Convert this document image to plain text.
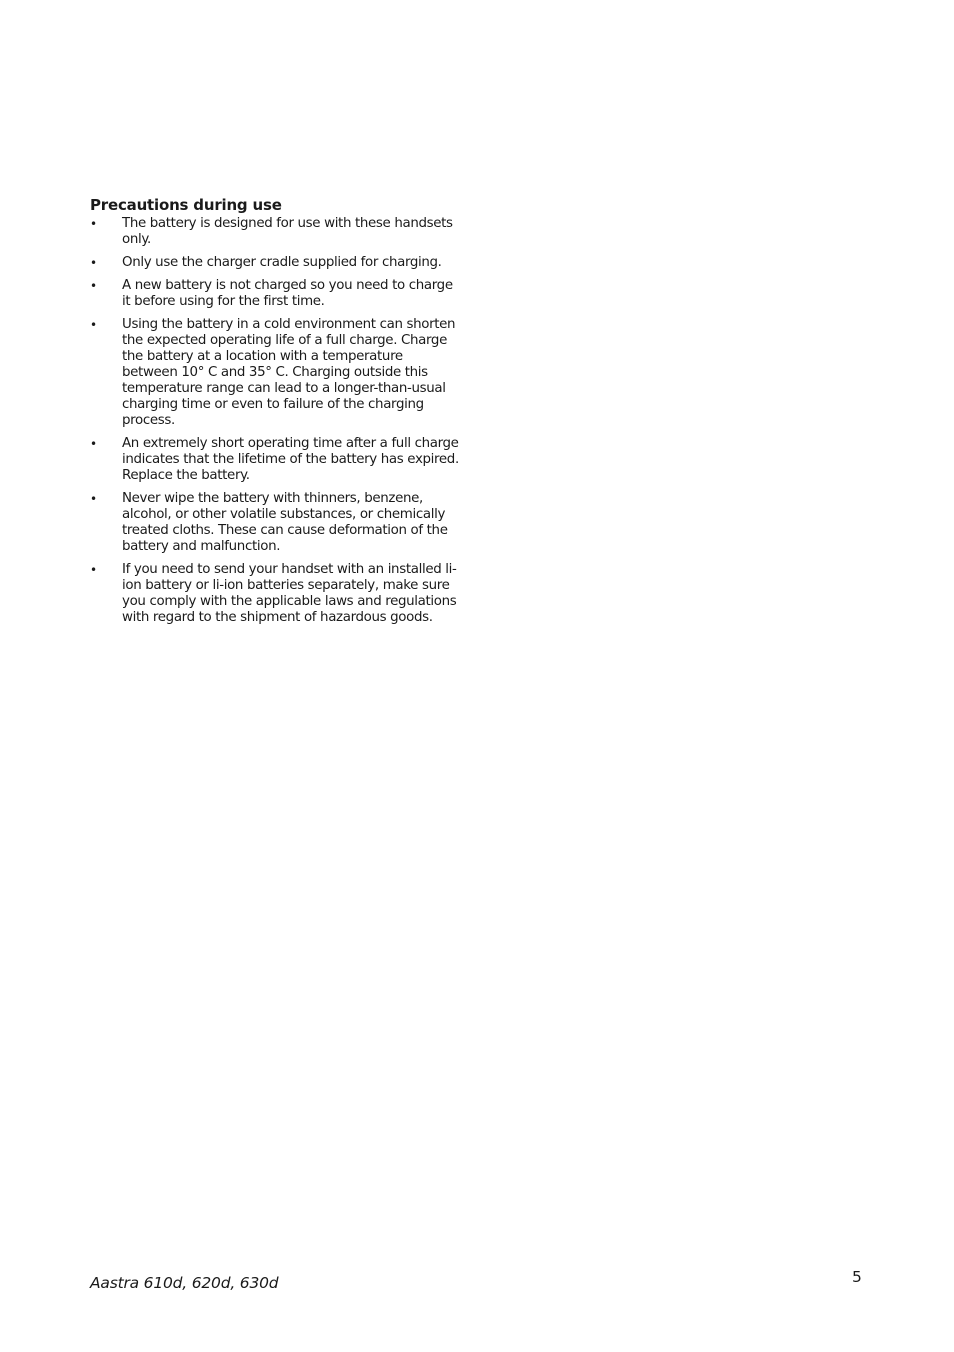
Precautions during use
• The battery is designed for use with these handsets only.
• Only use the charger cradle supplied for charging.
• A new battery is not charged so you need to charge it before using for the first time.
• Using the battery in a cold environment can shorten the expected operating life of a full charge. Charge the battery at a location with a temperature between 10° C and 35° C. Charging outside this temperature range can lead to a longer-than-usual charging time or even to failure of the charging process.
• An extremely short operating time after a full charge indicates that the lifetime of the battery has expired. Replace the battery.
• Never wipe the battery with thinners, benzene, alcohol, or other volatile substances, or chemically treated cloths. These can cause deformation of the battery and malfunction.
• If you need to send your handset with an installed li-ion battery or li-ion batteries separately, make sure you comply with the applicable laws and regulations with regard to the shipment of hazardous goods.
Aastra 610d, 620d, 630d	5
